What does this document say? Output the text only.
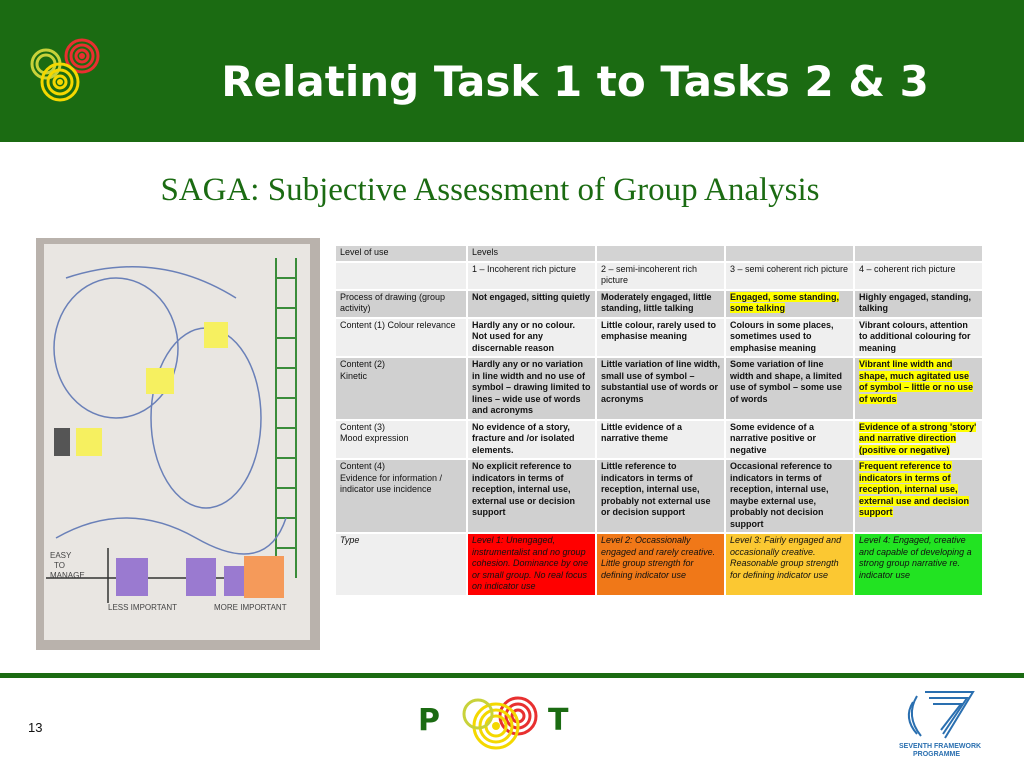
Relating Task 1 to Tasks 2 & 3
SAGA: Subjective Assessment of Group Analysis
EASY
TO
MANAGE
LESS IMPORTANT	MORE IMPORTANT
Level of use	Levels			
	1 – Incoherent rich picture	2 – semi-incoherent rich picture	3 – semi coherent rich picture	4 – coherent rich picture
Process of drawing (group activity)	Not engaged, sitting quietly	Moderately engaged, little standing, little talking	Engaged, some standing, some talking	Highly engaged, standing, talking
Content (1) Colour relevance	Hardly any or no colour. Not used for any discernable reason	Little colour, rarely used to emphasise meaning	Colours in some places, sometimes used to emphasise meaning	Vibrant colours, attention to additional colouring for meaning

Content (2)
Kinetic	Hardly any or no variation in line width and no use of symbol – drawing limited to lines – wide use of words and acronyms	Little variation of line width, small use of symbol – substantial use of words or acronyms	Some variation of line width and shape, a limited use of symbol – some use of words	Vibrant line width and shape, much agitated use of symbol – little or no use of words

Content (3)
Mood expression	No evidence of a story, fracture and /or isolated elements.	Little evidence of a narrative theme	Some evidence of a narrative positive or negative	Evidence of a strong 'story' and narrative direction (positive or negative)

Content (4)
Evidence for information / indicator use incidence	No explicit reference to indicators in terms of reception, internal use, external use or decision support	Little reference to indicators in terms of reception, internal use, probably not external use or decision support	Occasional reference to indicators in terms of reception, internal use, maybe external use, probably not decision support	Frequent reference to indicators in terms of reception, internal use, external use and decision support
Type	Level 1: Unengaged, instrumentalist and no group cohesion. Dominance by one or small group. No real focus on indicator use	Level 2: Occassionally engaged and rarely creative. Little group strength for defining indicator use	Level 3: Fairly engaged and occasionally creative. Reasonable group strength for defining indicator use	Level 4: Engaged, creative and capable of developing a strong group narrative re. indicator use
13	P	T
SEVENTH FRAMEWORK
PROGRAMME
